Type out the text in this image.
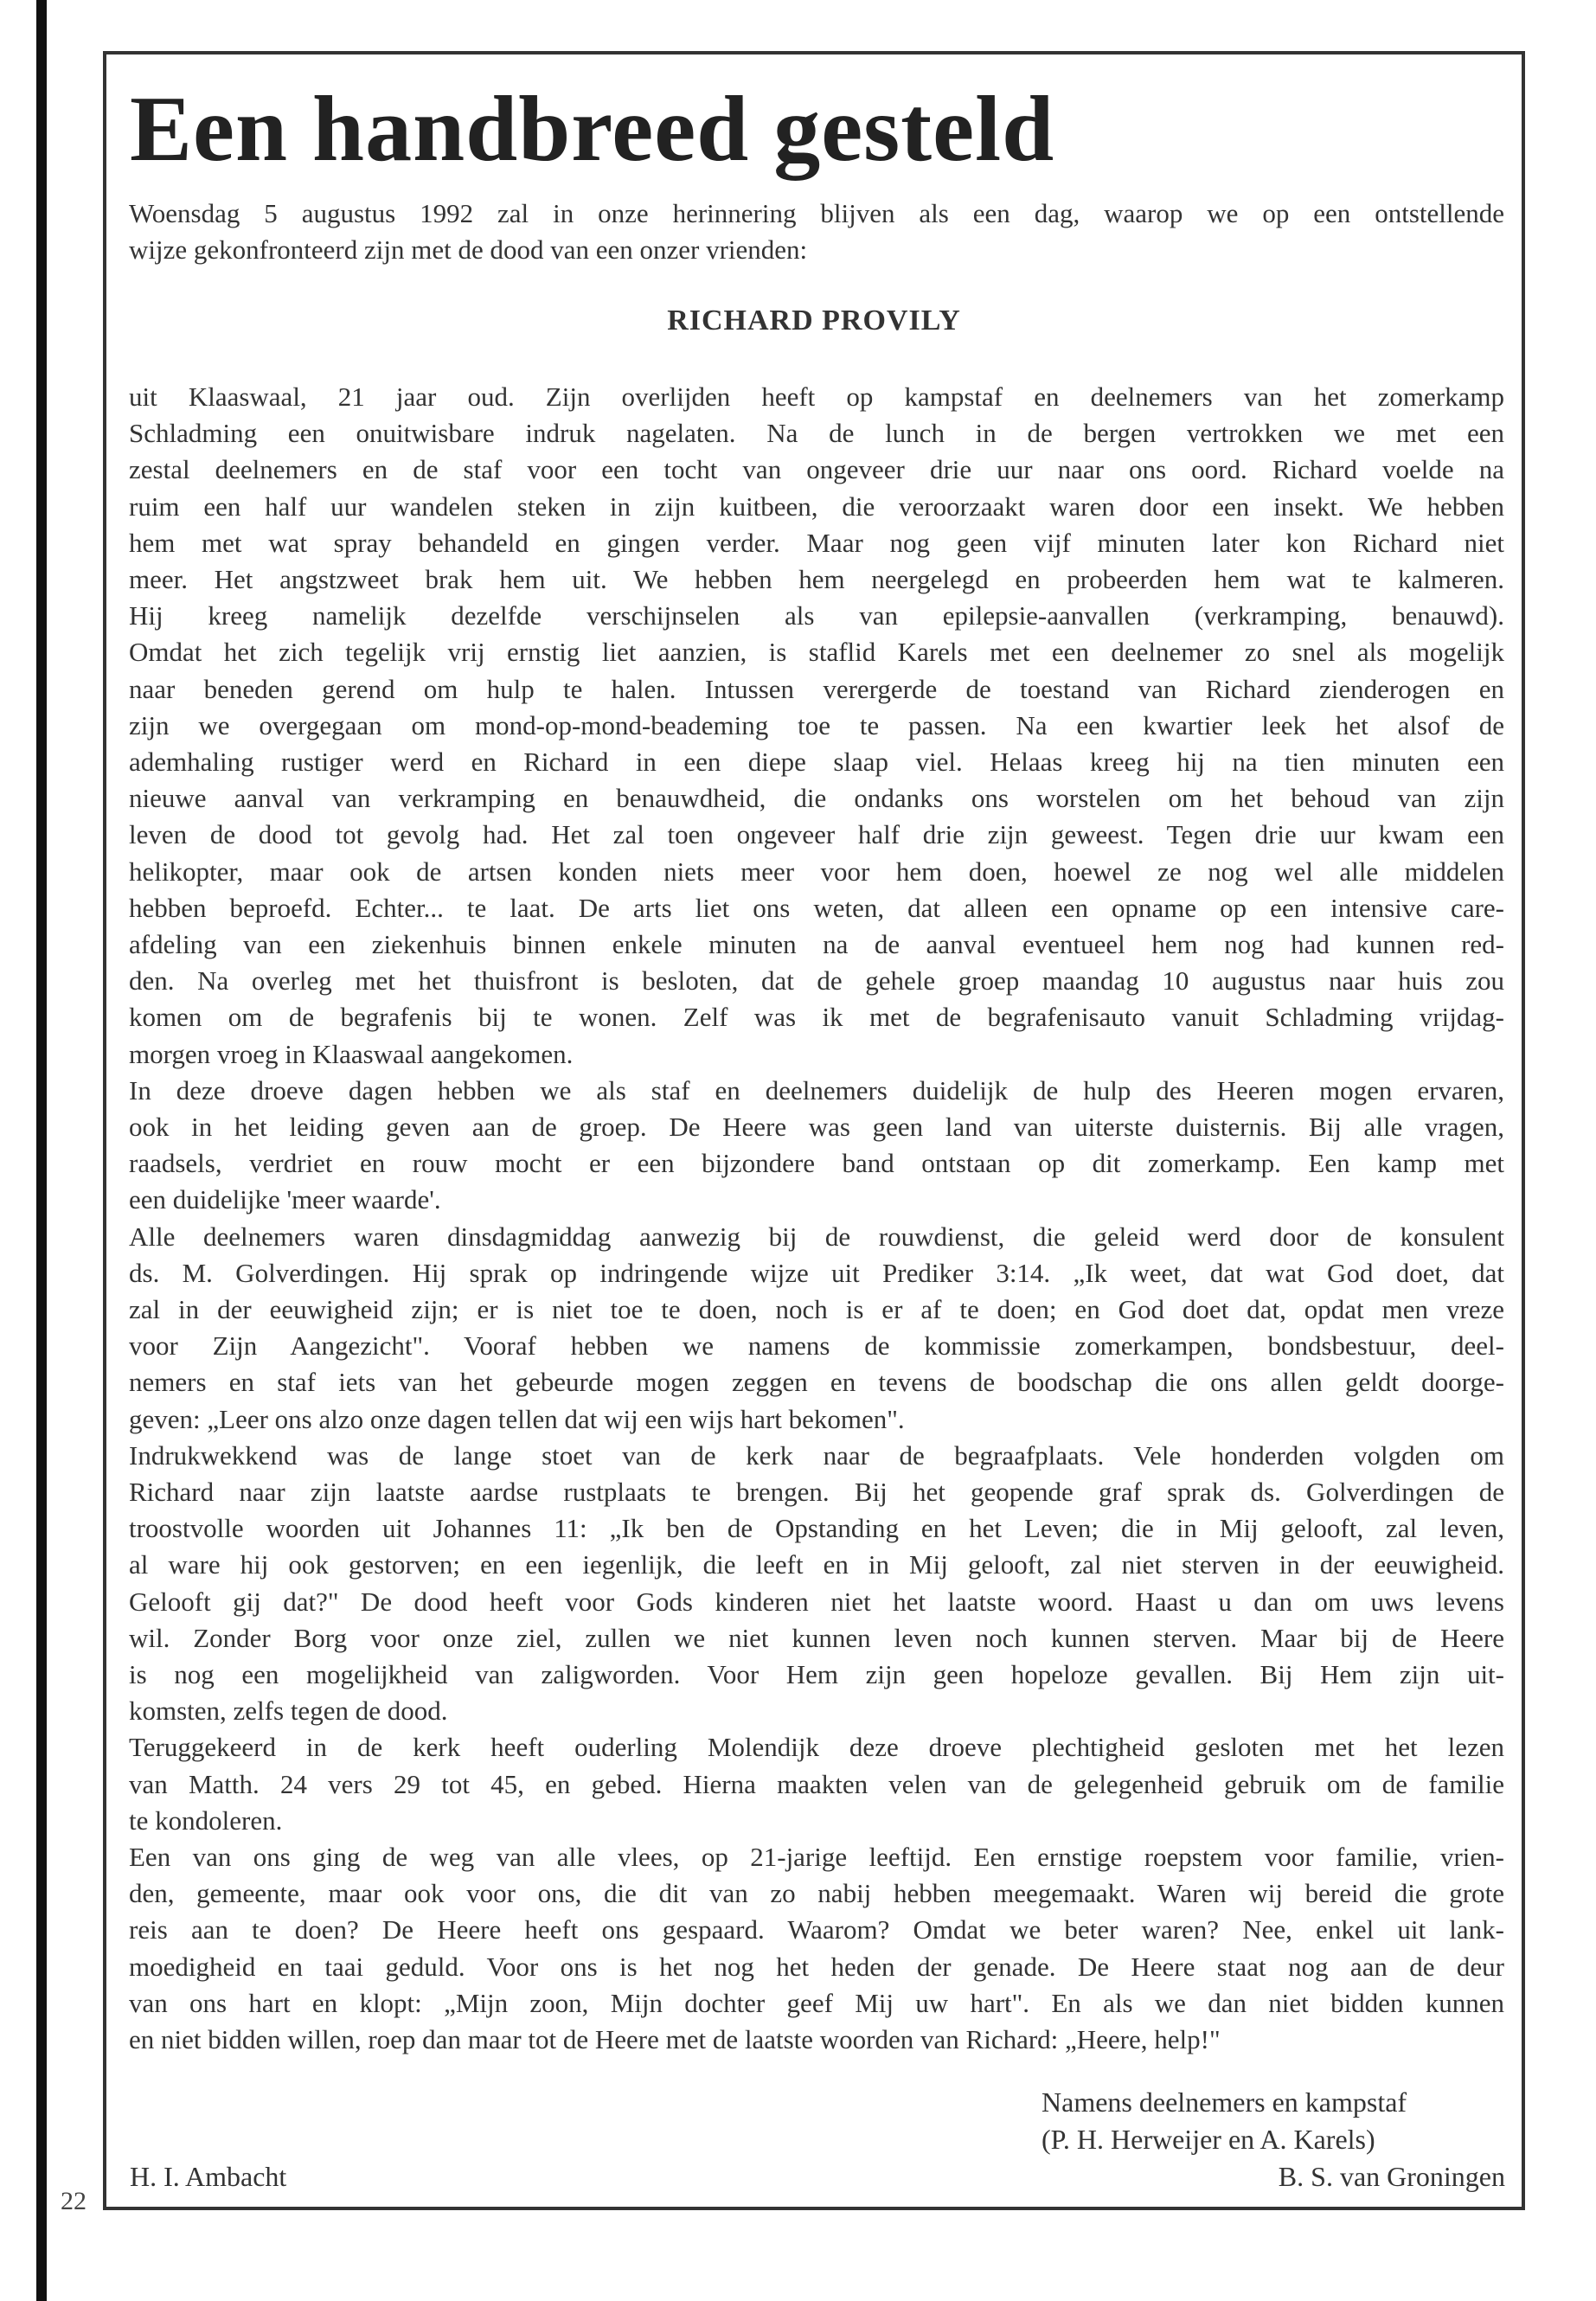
22
Een handbreed gesteld
Woensdag 5 augustus 1992 zal in onze herinnering blijven als een dag, waarop we op een ontstellende
wijze gekonfronteerd zijn met de dood van een onzer vrienden:
RICHARD PROVILY
uit Klaaswaal, 21 jaar oud. Zijn overlijden heeft op kampstaf en deelnemers van het zomerkamp
Schladming een onuitwisbare indruk nagelaten. Na de lunch in de bergen vertrokken we met een
zestal deelnemers en de staf voor een tocht van ongeveer drie uur naar ons oord. Richard voelde na
ruim een half uur wandelen steken in zijn kuitbeen, die veroorzaakt waren door een insekt. We hebben
hem met wat spray behandeld en gingen verder. Maar nog geen vijf minuten later kon Richard niet
meer. Het angstzweet brak hem uit. We hebben hem neergelegd en probeerden hem wat te kalmeren.
Hij kreeg namelijk dezelfde verschijnselen als van epilepsie-aanvallen (verkramping, benauwd).
Omdat het zich tegelijk vrij ernstig liet aanzien, is staflid Karels met een deelnemer zo snel als mogelijk
naar beneden gerend om hulp te halen. Intussen verergerde de toestand van Richard zienderogen en
zijn we overgegaan om mond-op-mond-beademing toe te passen. Na een kwartier leek het alsof de
ademhaling rustiger werd en Richard in een diepe slaap viel. Helaas kreeg hij na tien minuten een
nieuwe aanval van verkramping en benauwdheid, die ondanks ons worstelen om het behoud van zijn
leven de dood tot gevolg had. Het zal toen ongeveer half drie zijn geweest. Tegen drie uur kwam een
helikopter, maar ook de artsen konden niets meer voor hem doen, hoewel ze nog wel alle middelen
hebben beproefd. Echter... te laat. De arts liet ons weten, dat alleen een opname op een intensive care-
afdeling van een ziekenhuis binnen enkele minuten na de aanval eventueel hem nog had kunnen red-
den. Na overleg met het thuisfront is besloten, dat de gehele groep maandag 10 augustus naar huis zou
komen om de begrafenis bij te wonen. Zelf was ik met de begrafenisauto vanuit Schladming vrijdag-
morgen vroeg in Klaaswaal aangekomen.
In deze droeve dagen hebben we als staf en deelnemers duidelijk de hulp des Heeren mogen ervaren,
ook in het leiding geven aan de groep. De Heere was geen land van uiterste duisternis. Bij alle vragen,
raadsels, verdriet en rouw mocht er een bijzondere band ontstaan op dit zomerkamp. Een kamp met
een duidelijke 'meer waarde'.
Alle deelnemers waren dinsdagmiddag aanwezig bij de rouwdienst, die geleid werd door de konsulent
ds. M. Golverdingen. Hij sprak op indringende wijze uit Prediker 3:14. „Ik weet, dat wat God doet, dat
zal in der eeuwigheid zijn; er is niet toe te doen, noch is er af te doen; en God doet dat, opdat men vreze
voor Zijn Aangezicht". Vooraf hebben we namens de kommissie zomerkampen, bondsbestuur, deel-
nemers en staf iets van het gebeurde mogen zeggen en tevens de boodschap die ons allen geldt doorge-
geven: „Leer ons alzo onze dagen tellen dat wij een wijs hart bekomen".
Indrukwekkend was de lange stoet van de kerk naar de begraafplaats. Vele honderden volgden om
Richard naar zijn laatste aardse rustplaats te brengen. Bij het geopende graf sprak ds. Golverdingen de
troostvolle woorden uit Johannes 11: „Ik ben de Opstanding en het Leven; die in Mij gelooft, zal leven,
al ware hij ook gestorven; en een iegenlijk, die leeft en in Mij gelooft, zal niet sterven in der eeuwigheid.
Gelooft gij dat?" De dood heeft voor Gods kinderen niet het laatste woord. Haast u dan om uws levens
wil. Zonder Borg voor onze ziel, zullen we niet kunnen leven noch kunnen sterven. Maar bij de Heere
is nog een mogelijkheid van zaligworden. Voor Hem zijn geen hopeloze gevallen. Bij Hem zijn uit-
komsten, zelfs tegen de dood.
Teruggekeerd in de kerk heeft ouderling Molendijk deze droeve plechtigheid gesloten met het lezen
van Matth. 24 vers 29 tot 45, en gebed. Hierna maakten velen van de gelegenheid gebruik om de familie
te kondoleren.
Een van ons ging de weg van alle vlees, op 21-jarige leeftijd. Een ernstige roepstem voor familie, vrien-
den, gemeente, maar ook voor ons, die dit van zo nabij hebben meegemaakt. Waren wij bereid die grote
reis aan te doen? De Heere heeft ons gespaard. Waarom? Omdat we beter waren? Nee, enkel uit lank-
moedigheid en taai geduld. Voor ons is het nog het heden der genade. De Heere staat nog aan de deur
van ons hart en klopt: „Mijn zoon, Mijn dochter geef Mij uw hart". En als we dan niet bidden kunnen
en niet bidden willen, roep dan maar tot de Heere met de laatste woorden van Richard: „Heere, help!"
Namens deelnemers en kampstaf
(P. H. Herweijer en A. Karels)
H. I. Ambacht	B. S. van Groningen
